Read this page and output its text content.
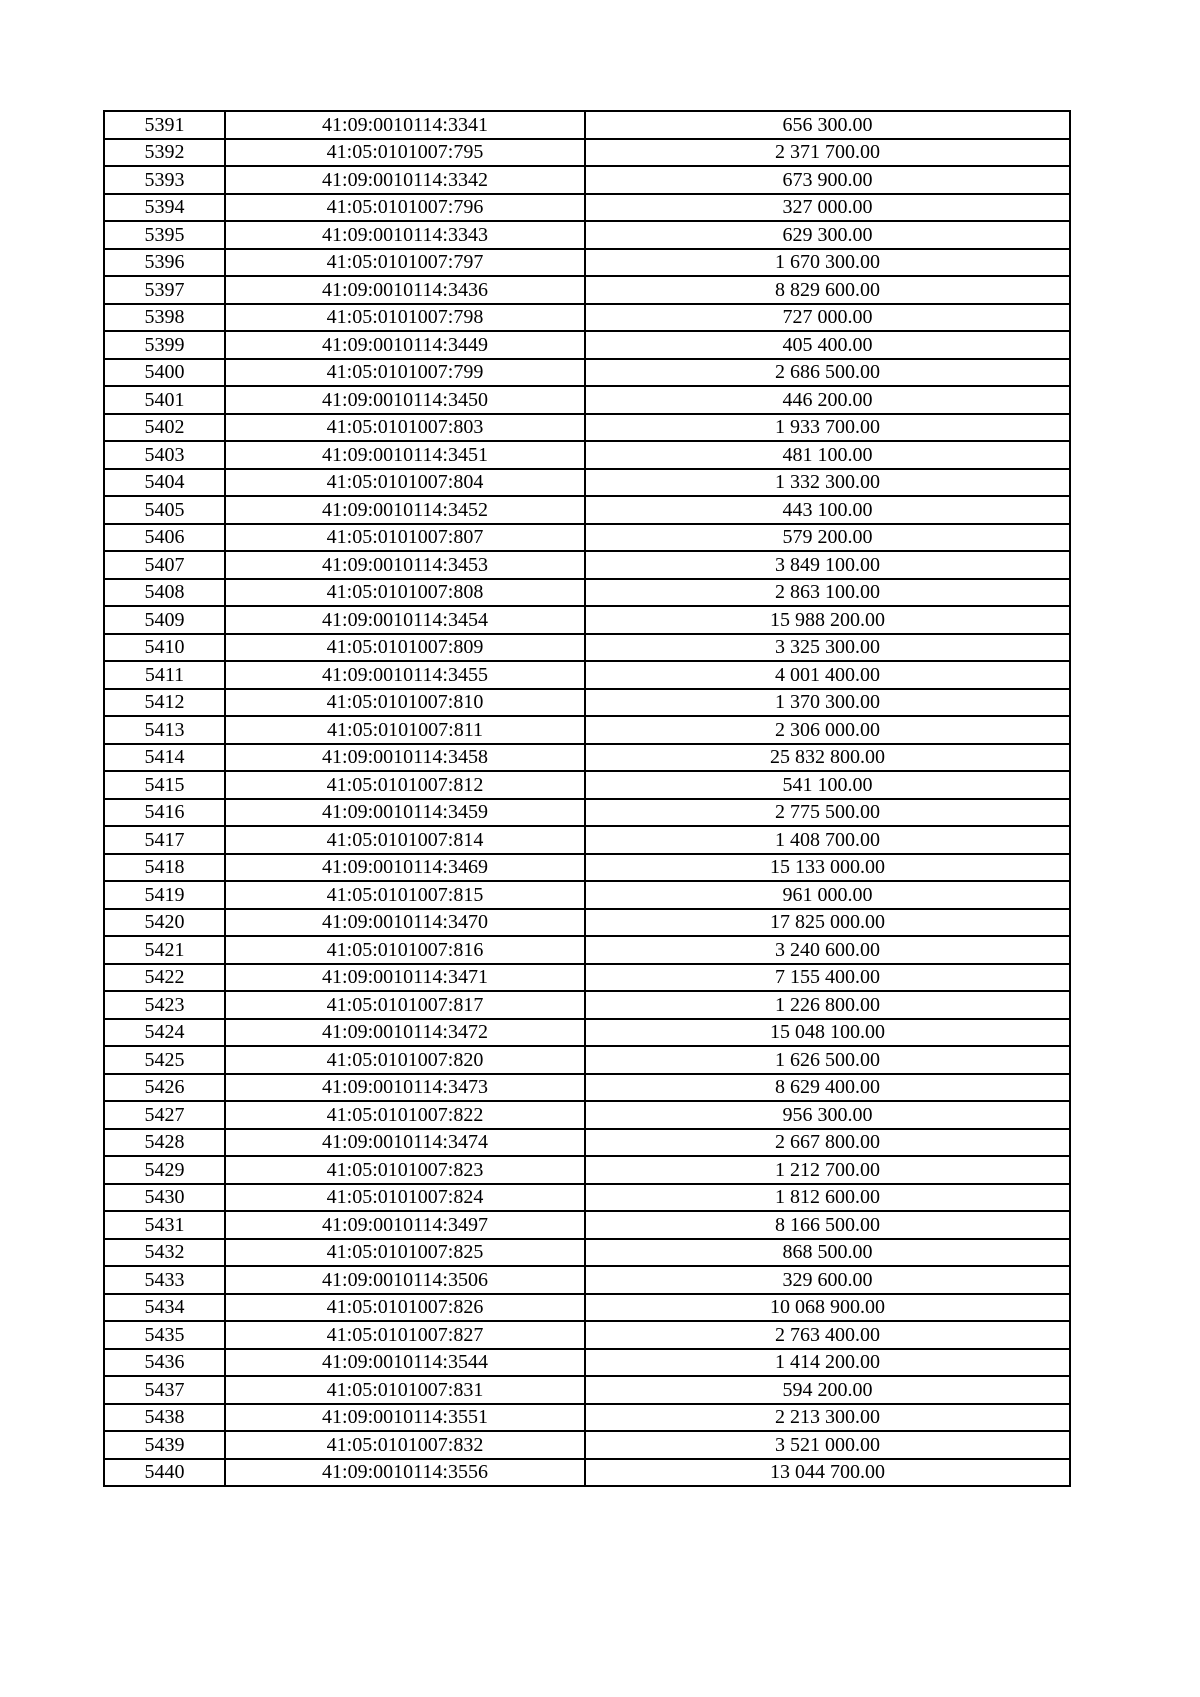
5391	41:09:0010114:3341	656 300.00
5392	41:05:0101007:795	2 371 700.00
5393	41:09:0010114:3342	673 900.00
5394	41:05:0101007:796	327 000.00
5395	41:09:0010114:3343	629 300.00
5396	41:05:0101007:797	1 670 300.00
5397	41:09:0010114:3436	8 829 600.00
5398	41:05:0101007:798	727 000.00
5399	41:09:0010114:3449	405 400.00
5400	41:05:0101007:799	2 686 500.00
5401	41:09:0010114:3450	446 200.00
5402	41:05:0101007:803	1 933 700.00
5403	41:09:0010114:3451	481 100.00
5404	41:05:0101007:804	1 332 300.00
5405	41:09:0010114:3452	443 100.00
5406	41:05:0101007:807	579 200.00
5407	41:09:0010114:3453	3 849 100.00
5408	41:05:0101007:808	2 863 100.00
5409	41:09:0010114:3454	15 988 200.00
5410	41:05:0101007:809	3 325 300.00
5411	41:09:0010114:3455	4 001 400.00
5412	41:05:0101007:810	1 370 300.00
5413	41:05:0101007:811	2 306 000.00
5414	41:09:0010114:3458	25 832 800.00
5415	41:05:0101007:812	541 100.00
5416	41:09:0010114:3459	2 775 500.00
5417	41:05:0101007:814	1 408 700.00
5418	41:09:0010114:3469	15 133 000.00
5419	41:05:0101007:815	961 000.00
5420	41:09:0010114:3470	17 825 000.00
5421	41:05:0101007:816	3 240 600.00
5422	41:09:0010114:3471	7 155 400.00
5423	41:05:0101007:817	1 226 800.00
5424	41:09:0010114:3472	15 048 100.00
5425	41:05:0101007:820	1 626 500.00
5426	41:09:0010114:3473	8 629 400.00
5427	41:05:0101007:822	956 300.00
5428	41:09:0010114:3474	2 667 800.00
5429	41:05:0101007:823	1 212 700.00
5430	41:05:0101007:824	1 812 600.00
5431	41:09:0010114:3497	8 166 500.00
5432	41:05:0101007:825	868 500.00
5433	41:09:0010114:3506	329 600.00
5434	41:05:0101007:826	10 068 900.00
5435	41:05:0101007:827	2 763 400.00
5436	41:09:0010114:3544	1 414 200.00
5437	41:05:0101007:831	594 200.00
5438	41:09:0010114:3551	2 213 300.00
5439	41:05:0101007:832	3 521 000.00
5440	41:09:0010114:3556	13 044 700.00
